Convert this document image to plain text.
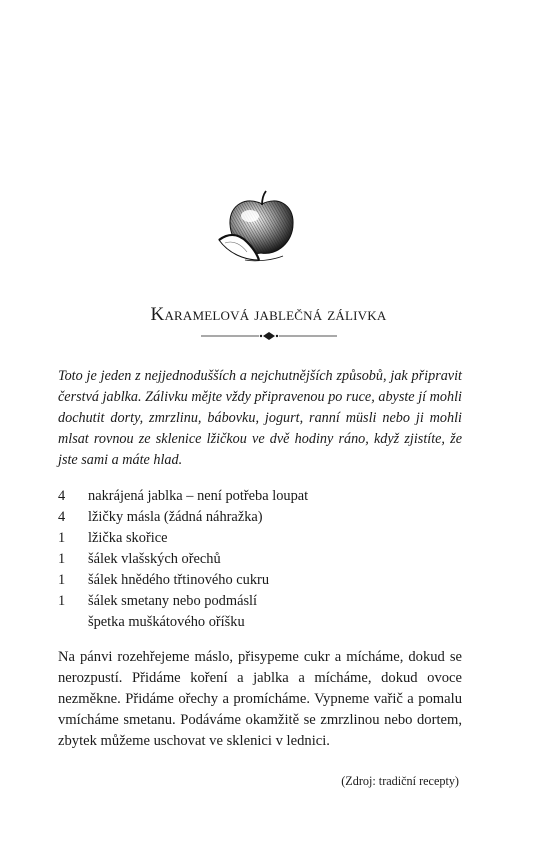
Karamelová jablečná zálivka

Toto je jeden z nejjednodušších a nejchutnějších způsobů, jak připravit čerstvá jablka. Zálivku mějte vždy připravenou po ruce, abyste jí mohli dochutit dorty, zmrzlinu, bábovku, jogurt, ranní müsli nebo ji mohli mlsat rovnou ze sklenice lžičkou ve dvě hodiny ráno, když zjistíte, že jste sami a máte hlad.

4	nakrájená jablka – není potřeba loupat
4	lžičky másla (žádná náhražka)
1	lžička skořice
1	šálek vlašských ořechů
1	šálek hnědého třtinového cukru
1	šálek smetany nebo podmáslí
špetka muškátového oříšku

Na pánvi rozehřejeme máslo, přisypeme cukr a mícháme, dokud se nerozpustí. Přidáme koření a jablka a mícháme, dokud ovoce nezměkne. Přidáme ořechy a promícháme. Vypneme vařič a pomalu vmícháme smetanu. Podáváme okamžitě se zmrzlinou nebo dortem, zbytek můžeme uschovat ve sklenici v lednici.

(Zdroj: tradiční recepty)
